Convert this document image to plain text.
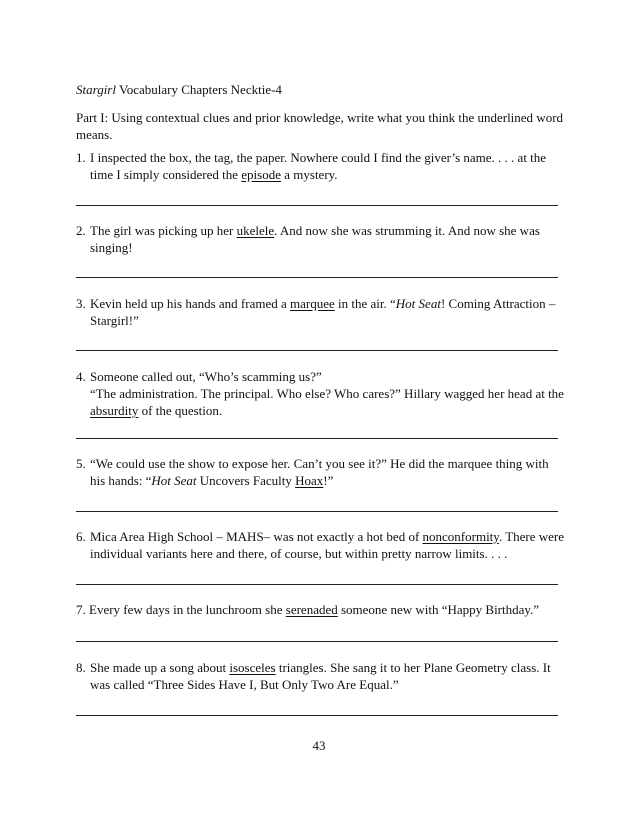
Stargirl Vocabulary Chapters Necktie-4
Part I: Using contextual clues and prior knowledge, write what you think the underlined word means.
1. I inspected the box, the tag, the paper. Nowhere could I find the giver’s name. . . . at the time I simply considered the episode a mystery.
2. The girl was picking up her ukelele. And now she was strumming it. And now she was singing!
3. Kevin held up his hands and framed a marquee in the air. “Hot Seat! Coming Attraction – Stargirl!”
4. Someone called out, “Who’s scamming us?”
“The administration. The principal. Who else? Who cares?” Hillary wagged her head at the absurdity of the question.
5. “We could use the show to expose her. Can’t you see it?” He did the marquee thing with his hands: “Hot Seat Uncovers Faculty Hoax!”
6. Mica Area High School – MAHS– was not exactly a hot bed of nonconformity. There were individual variants here and there, of course, but within pretty narrow limits. . . .
7. Every few days in the lunchroom she serenaded someone new with “Happy Birthday.”
8. She made up a song about isosceles triangles. She sang it to her Plane Geometry class. It was called “Three Sides Have I, But Only Two Are Equal.”
43
